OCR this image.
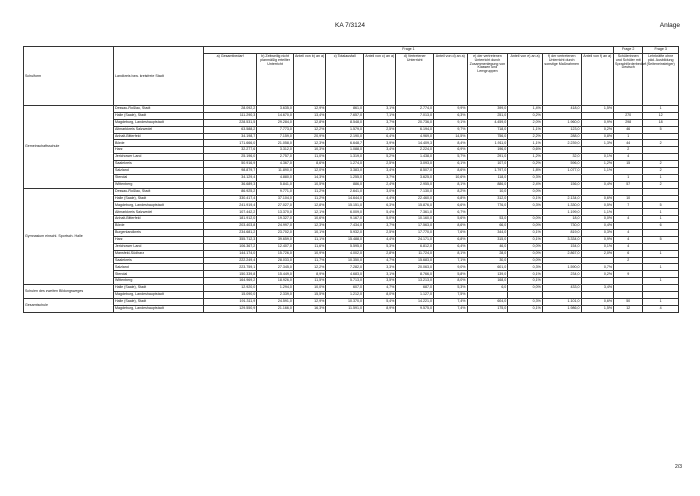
KA 7/3124	Anlage
Schulform	Landkreis bzw. kreisfreie Stadt	Frage 1											Frage 2	Frage 3
		a) Gesamtbedarf	b) Zeitweilig nicht planmäßig erteilter Unterricht	Anteil von b) an a)	c) Totalausfall	Anteil von c) an a)	d) Vertretener Unterricht	Anteil von d) an a)	e) der vertretenen Unterricht durch Zusammenlegung von Klassen und Lerngruppen	Anteil von e) an a)	f) der vertretenen Unterricht durch sonstige Maßnahmen	Anteil von f) an a)	Schülerinnen und Schüler mit Sprachförderbedarf Deutsch	Lehrkräfte ohne päd. Ausbildung (Seiteneinsteiger)
Gemeinschaftsschule	Dessau-Roßlau, Stadt	28.092,2	3.635,0	12,9%	861,0	3,1%	2.774,0	9,9%	399,0	1,4%	418,0	1,5%		1
	Halle (Saale), Stadt	111.290,3	14.670,0	13,4%	7.657,0	7,1%	7.013,0	6,3%	251,0	0,2%			270	12
	Magdeburg, Landeshauptstadt	228.531,5	29.284,0	12,8%	8.548,0	3,7%	20.736,0	9,1%	4.459,0	2,0%	1.960,0	0,9%	298	18
	Altmarkkreis Salzwedel	63.588,2	7.773,0	12,2%	1.579,0	2,5%	6.194,0	9,7%	718,0	1,1%	123,0	0,2%	46	5
	Anhalt-Bitterfeld	34.198,7	7.159,0	20,9%	2.190,0	6,4%	4.969,0	14,5%	756,0	2,2%	288,0	0,8%	1	
	Börde	171.666,0	21.058,0	12,3%	6.648,7	3,9%	14.409,3	8,4%	1.911,0	1,1%	2.239,0	1,3%	44	2
	Harz	32.277,6	3.312,0	10,3%	1.088,0	3,4%	2.224,0	6,9%	196,0	0,6%			2	
	Jerichower Land	25.196,0	2.757,0	11,0%	1.319,0	5,2%	1.438,0	5,7%	291,0	1,2%	32,0	0,1%	4	
	Saalekreis	50.916,9	4.367,0	8,6%	1.274,0	2,5%	3.093,0	6,1%	107,0	0,2%	596,0	1,2%	15	2
	Salzland	98.879,7	11.890,0	12,0%	3.383,0	3,4%	8.507,0	8,6%	1.797,0	1,8%	1.077,0	1,1%		2
	Stendal	34.129,4	4.880,0	14,3%	1.255,0	3,7%	3.625,0	10,6%	118,0	0,3%			1	1
	Wittenberg	36.689,3	5.841,0	10,5%	886,0	2,4%	2.955,0	8,1%	886,0	2,4%	156,0	0,4%	57	2
Gymnasium einschl. Sportsch. Halle	Dessau-Roßlau, Stadt	86.925,2	9.771,0	11,2%	2.641,0	3,0%	7.130,0	8,2%	10,0	0,0%				
	Halle (Saale), Stadt	330.417,4	37.104,0	11,2%	14.644,0	4,4%	22.460,0	6,8%	312,0	0,1%	2.134,0	0,6%	10	
	Magdeburg, Landeshauptstadt	241.919,4	27.027,0	12,8%	15.151,0	6,3%	15.876,0	6,6%	776,0	0,3%	1.330,0	0,5%	7	5
	Altmarkkreis Salzwedel	107.442,2	13.370,0	12,1%	6.009,0	5,4%	7.361,0	6,7%			1.199,0	1,1%		1
	Anhalt-Bitterfeld	181.912,0	19.327,0	10,6%	9.167,0	5,0%	10.160,0	5,6%	53,0	0,0%	18,0	0,0%	4	1
	Börde	203.403,8	24.997,0	12,3%	7.434,0	3,7%	17.563,0	8,6%	66,0	0,0%	730,0	0,4%		6
	Burgenlandkreis	234.681,2	23.702,0	10,1%	5.932,0	2,5%	17.770,0	7,6%	344,0	0,1%	819,0	0,3%	4	
	Harz	355.712,3	39.659,0	11,1%	15.488,0	4,4%	24.171,0	6,8%	315,0	0,1%	3.334,0	0,9%	4	5
	Jerichower Land	106.367,2	12.407,0	11,6%	5.595,0	5,3%	6.812,0	6,4%	46,0	0,0%	154,0	0,1%	4	
	Mansfeld-Südharz	144.174,0	15.726,0	10,9%	4.002,0	2,8%	11.724,0	8,1%	28,0	0,0%	2.867,0	2,0%	6	1
	Saalekreis	222.249,4	28.033,0	11,7%	10.350,0	4,7%	15.683,0	7,1%	30,0	0,0%			2	
	Salzland	223.759,1	27.345,0	12,2%	7.282,0	3,3%	20.063,0	9,0%	601,0	0,3%	1.590,0	0,7%		1
	Stendal	150.339,8	15.449,0	8,9%	4.683,0	3,1%	8.766,0	5,8%	139,0	0,1%	234,0	0,2%	9	
	Wittenberg	164.969,2	18.926,0	11,5%	5.713,0	3,5%	13.213,0	8,0%	168,0	0,1%				1
Schulen des zweiten Bildungsweges	Halle (Saale), Stadt	12.920,0	1.294,0	10,0%	607,0	4,7%	687,0	5,3%	6,0	0,0%	433,0	3,4%		
	Magdeburg, Landeshauptstadt	15.090,0	2.339,0	15,5%	1.212,0	8,0%	1.127,0	7,5%						
Gesamtschule	Halle (Saale), Stadt	191.311,9	24.591,0	12,9%	10.370,0	5,4%	14.221,0	7,4%	604,0	0,3%	1.101,0	0,6%	50	1
	Magdeburg, Landeshauptstadt	129.550,9	21.166,0	16,3%	11.591,0	8,9%	9.575,0	7,4%	175,0	0,1%	1.986,0	1,5%	12	4
2/3
